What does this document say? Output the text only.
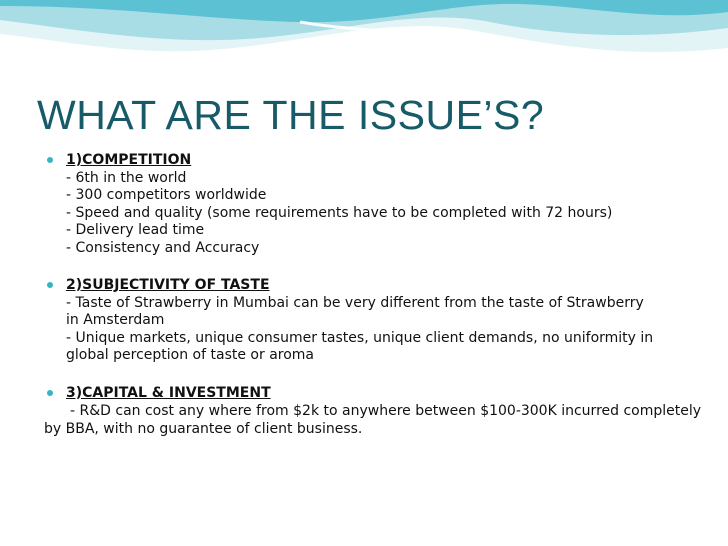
WHAT ARE THE ISSUE’S?
1)COMPETITION
- 6th in the world
- 300 competitors worldwide
- Speed and quality (some requirements have to be completed with 72 hours)
- Delivery lead time
- Consistency and Accuracy
2)SUBJECTIVITY OF TASTE
- Taste of Strawberry in Mumbai can be very different from the taste of Strawberry
in Amsterdam
- Unique markets, unique consumer tastes, unique client demands, no uniformity in
global perception of taste or aroma
3)CAPITAL & INVESTMENT
- R&D can cost any where from $2k to anywhere between $100-300K incurred completely by BBA, with no guarantee of client business.
